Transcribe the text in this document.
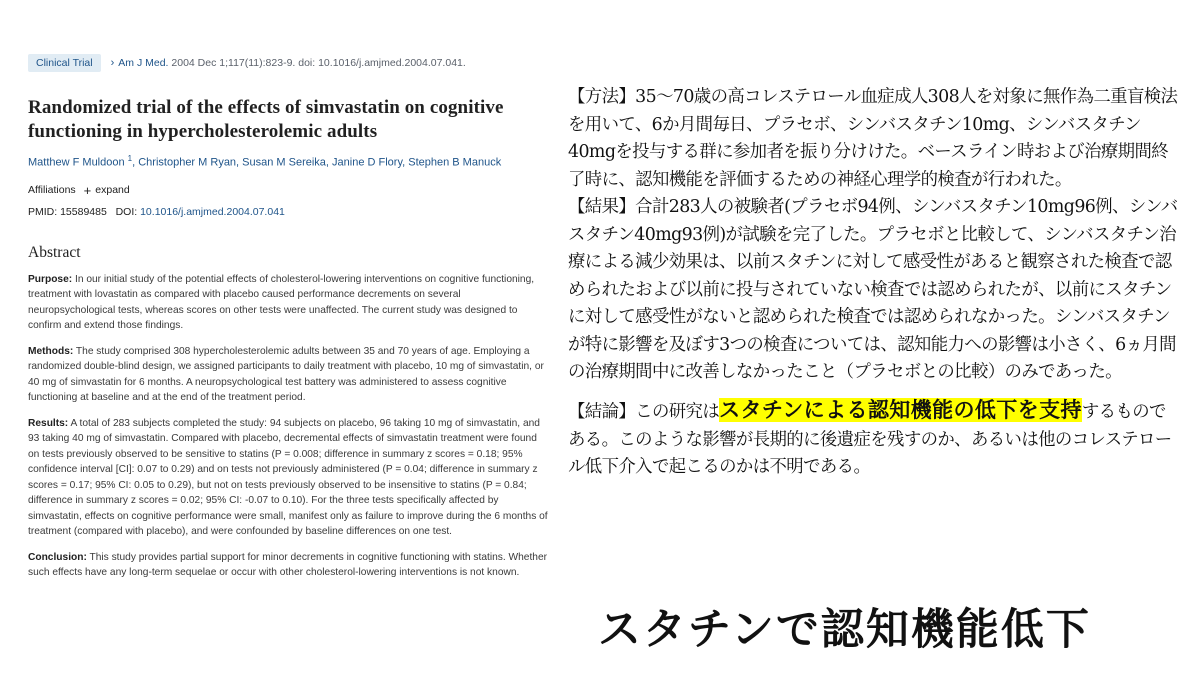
Clinical Trial	› Am J Med. 2004 Dec 1;117(11):823-9. doi: 10.1016/j.amjmed.2004.07.041.
Randomized trial of the effects of simvastatin on cognitive functioning in hypercholesterolemic adults
Matthew F Muldoon $^1$, Christopher M Ryan, Susan M Sereika, Janine D Flory, Stephen B Manuck
Affiliations + expand
PMID: 15589485 DOI: 10.1016/j.amjmed.2004.07.041
Abstract
Purpose: In our initial study of the potential effects of cholesterol-lowering interventions on cognitive functioning, treatment with lovastatin as compared with placebo caused performance decrements on several neuropsychological tests, whereas scores on other tests were unaffected. The current study was designed to confirm and extend those findings.
Methods: The study comprised 308 hypercholesterolemic adults between 35 and 70 years of age. Employing a randomized double-blind design, we assigned participants to daily treatment with placebo, 10 mg of simvastatin, or 40 mg of simvastatin for 6 months. A neuropsychological test battery was administered to assess cognitive functioning at baseline and at the end of the treatment period.
Results: A total of 283 subjects completed the study: 94 subjects on placebo, 96 taking 10 mg of simvastatin, and 93 taking 40 mg of simvastatin. Compared with placebo, decremental effects of simvastatin treatment were found on tests previously observed to be sensitive to statins (P = 0.008; difference in summary z scores = 0.18; 95% confidence interval [CI]: 0.07 to 0.29) and on tests not previously administered (P = 0.04; difference in summary z scores = 0.17; 95% CI: 0.05 to 0.29), but not on tests previously observed to be insensitive to statins (P = 0.84; difference in summary z scores = 0.02; 95% CI: -0.07 to 0.10). For the three tests specifically affected by simvastatin, effects on cognitive performance were small, manifest only as failure to improve during the 6 months of treatment (compared with placebo), and were confounded by baseline differences on one test.
Conclusion: This study provides partial support for minor decrements in cognitive functioning with statins. Whether such effects have any long-term sequelae or occur with other cholesterol-lowering interventions is not known.

【方法】35～70歳の高コレステロール血症成人308人を対象に無作為二重盲検法を用いて、6か月間毎日、プラセボ、シンバスタチン10mg、シンバスタチン40mgを投与する群に参加者を振り分けけた。ベースライン時および治療期間終了時に、認知機能を評価するための神経心理学的検査が行われた。

【結果】合計283人の被験者(プラセボ94例、シンバスタチン10mg96例、シンバスタチン40mg93例)が試験を完了した。プラセボと比較して、シンバスタチン治療による減少効果は、以前スタチンに対して感受性があると観察された検査で認められたおよび以前に投与されていない検査では認められたが、以前にスタチンに対して感受性がないと認められた検査では認められなかった。シンバスタチンが特に影響を及ぼす3つの検査については、認知能力への影響は小さく、6ヵ月間の治療期間中に改善しなかったこと（プラセボとの比較）のみであった。

【結論】この研究はスタチンによる認知機能の低下を支持するものである。このような影響が長期的に後遺症を残すのか、あるいは他のコレステロール低下介入で起こるのかは不明である。

スタチンで認知機能低下
